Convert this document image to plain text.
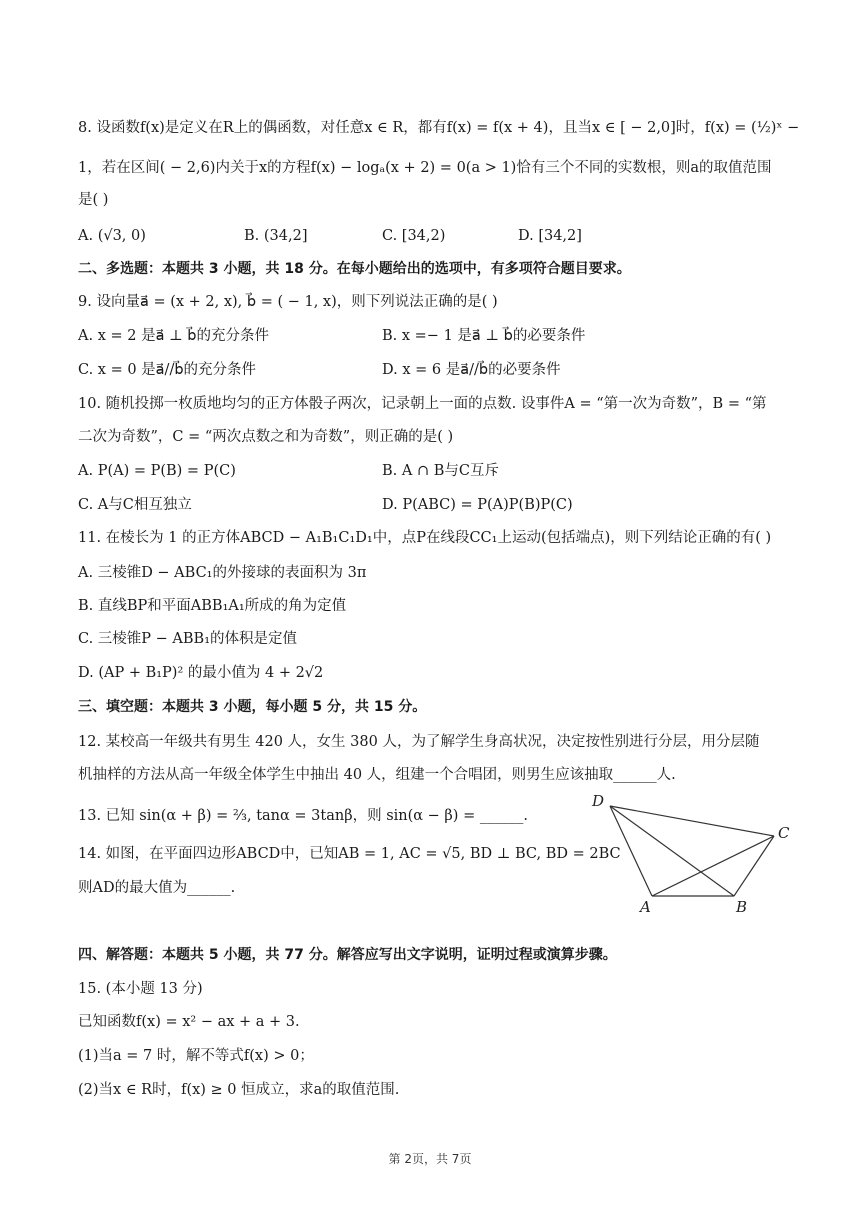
8. 设函数f(x)是定义在R上的偶函数，对任意x ∈ R，都有f(x) = f(x + 4)，且当x ∈ [ − 2,0]时，f(x) = (½)ˣ −
1，若在区间( − 2,6)内关于x的方程f(x) − logₐ(x + 2) = 0(a > 1)恰有三个不同的实数根，则a的取值范围
是( )
A. (√3, 0)	B. (34,2]	C. [34,2)	D. [34,2]
二、多选题：本题共 3 小题，共 18 分。在每小题给出的选项中，有多项符合题目要求。
9. 设向量a⃗ = (x + 2, x), b⃗ = ( − 1, x)，则下列说法正确的是( )
A. x = 2 是a⃗ ⊥ b⃗的充分条件	B. x =− 1 是a⃗ ⊥ b⃗的必要条件
C. x = 0 是a⃗//b⃗的充分条件	D. x = 6 是a⃗//b⃗的必要条件
10. 随机投掷一枚质地均匀的正方体骰子两次，记录朝上一面的点数. 设事件A = “第一次为奇数”，B = “第
二次为奇数”，C = “两次点数之和为奇数”，则正确的是( )
A. P(A) = P(B) = P(C)	B. A ∩ B与C互斥
C. A与C相互独立	D. P(ABC) = P(A)P(B)P(C)
11. 在棱长为 1 的正方体ABCD − A₁B₁C₁D₁中，点P在线段CC₁上运动(包括端点)，则下列结论正确的有( )
A. 三棱锥D − ABC₁的外接球的表面积为 3π
B. 直线BP和平面ABB₁A₁所成的角为定值
C. 三棱锥P − ABB₁的体积是定值
D. (AP + B₁P)² 的最小值为 4 + 2√2
三、填空题：本题共 3 小题，每小题 5 分，共 15 分。
12. 某校高一年级共有男生 420 人，女生 380 人，为了解学生身高状况，决定按性别进行分层，用分层随
机抽样的方法从高一年级全体学生中抽出 40 人，组建一个合唱团，则男生应该抽取______人.
13. 已知 sin(α + β) = ⅔, tanα = 3tanβ，则 sin(α − β) = ______.
14. 如图，在平面四边形ABCD中，已知AB = 1, AC = √5, BD ⊥ BC, BD = 2BC
则AD的最大值为______.
D
C
A	B
四、解答题：本题共 5 小题，共 77 分。解答应写出文字说明，证明过程或演算步骤。
15. (本小题 13 分)
已知函数f(x) = x² − ax + a + 3.
(1)当a = 7 时，解不等式f(x) > 0；
(2)当x ∈ R时，f(x) ≥ 0 恒成立，求a的取值范围.
第 2页，共 7页
